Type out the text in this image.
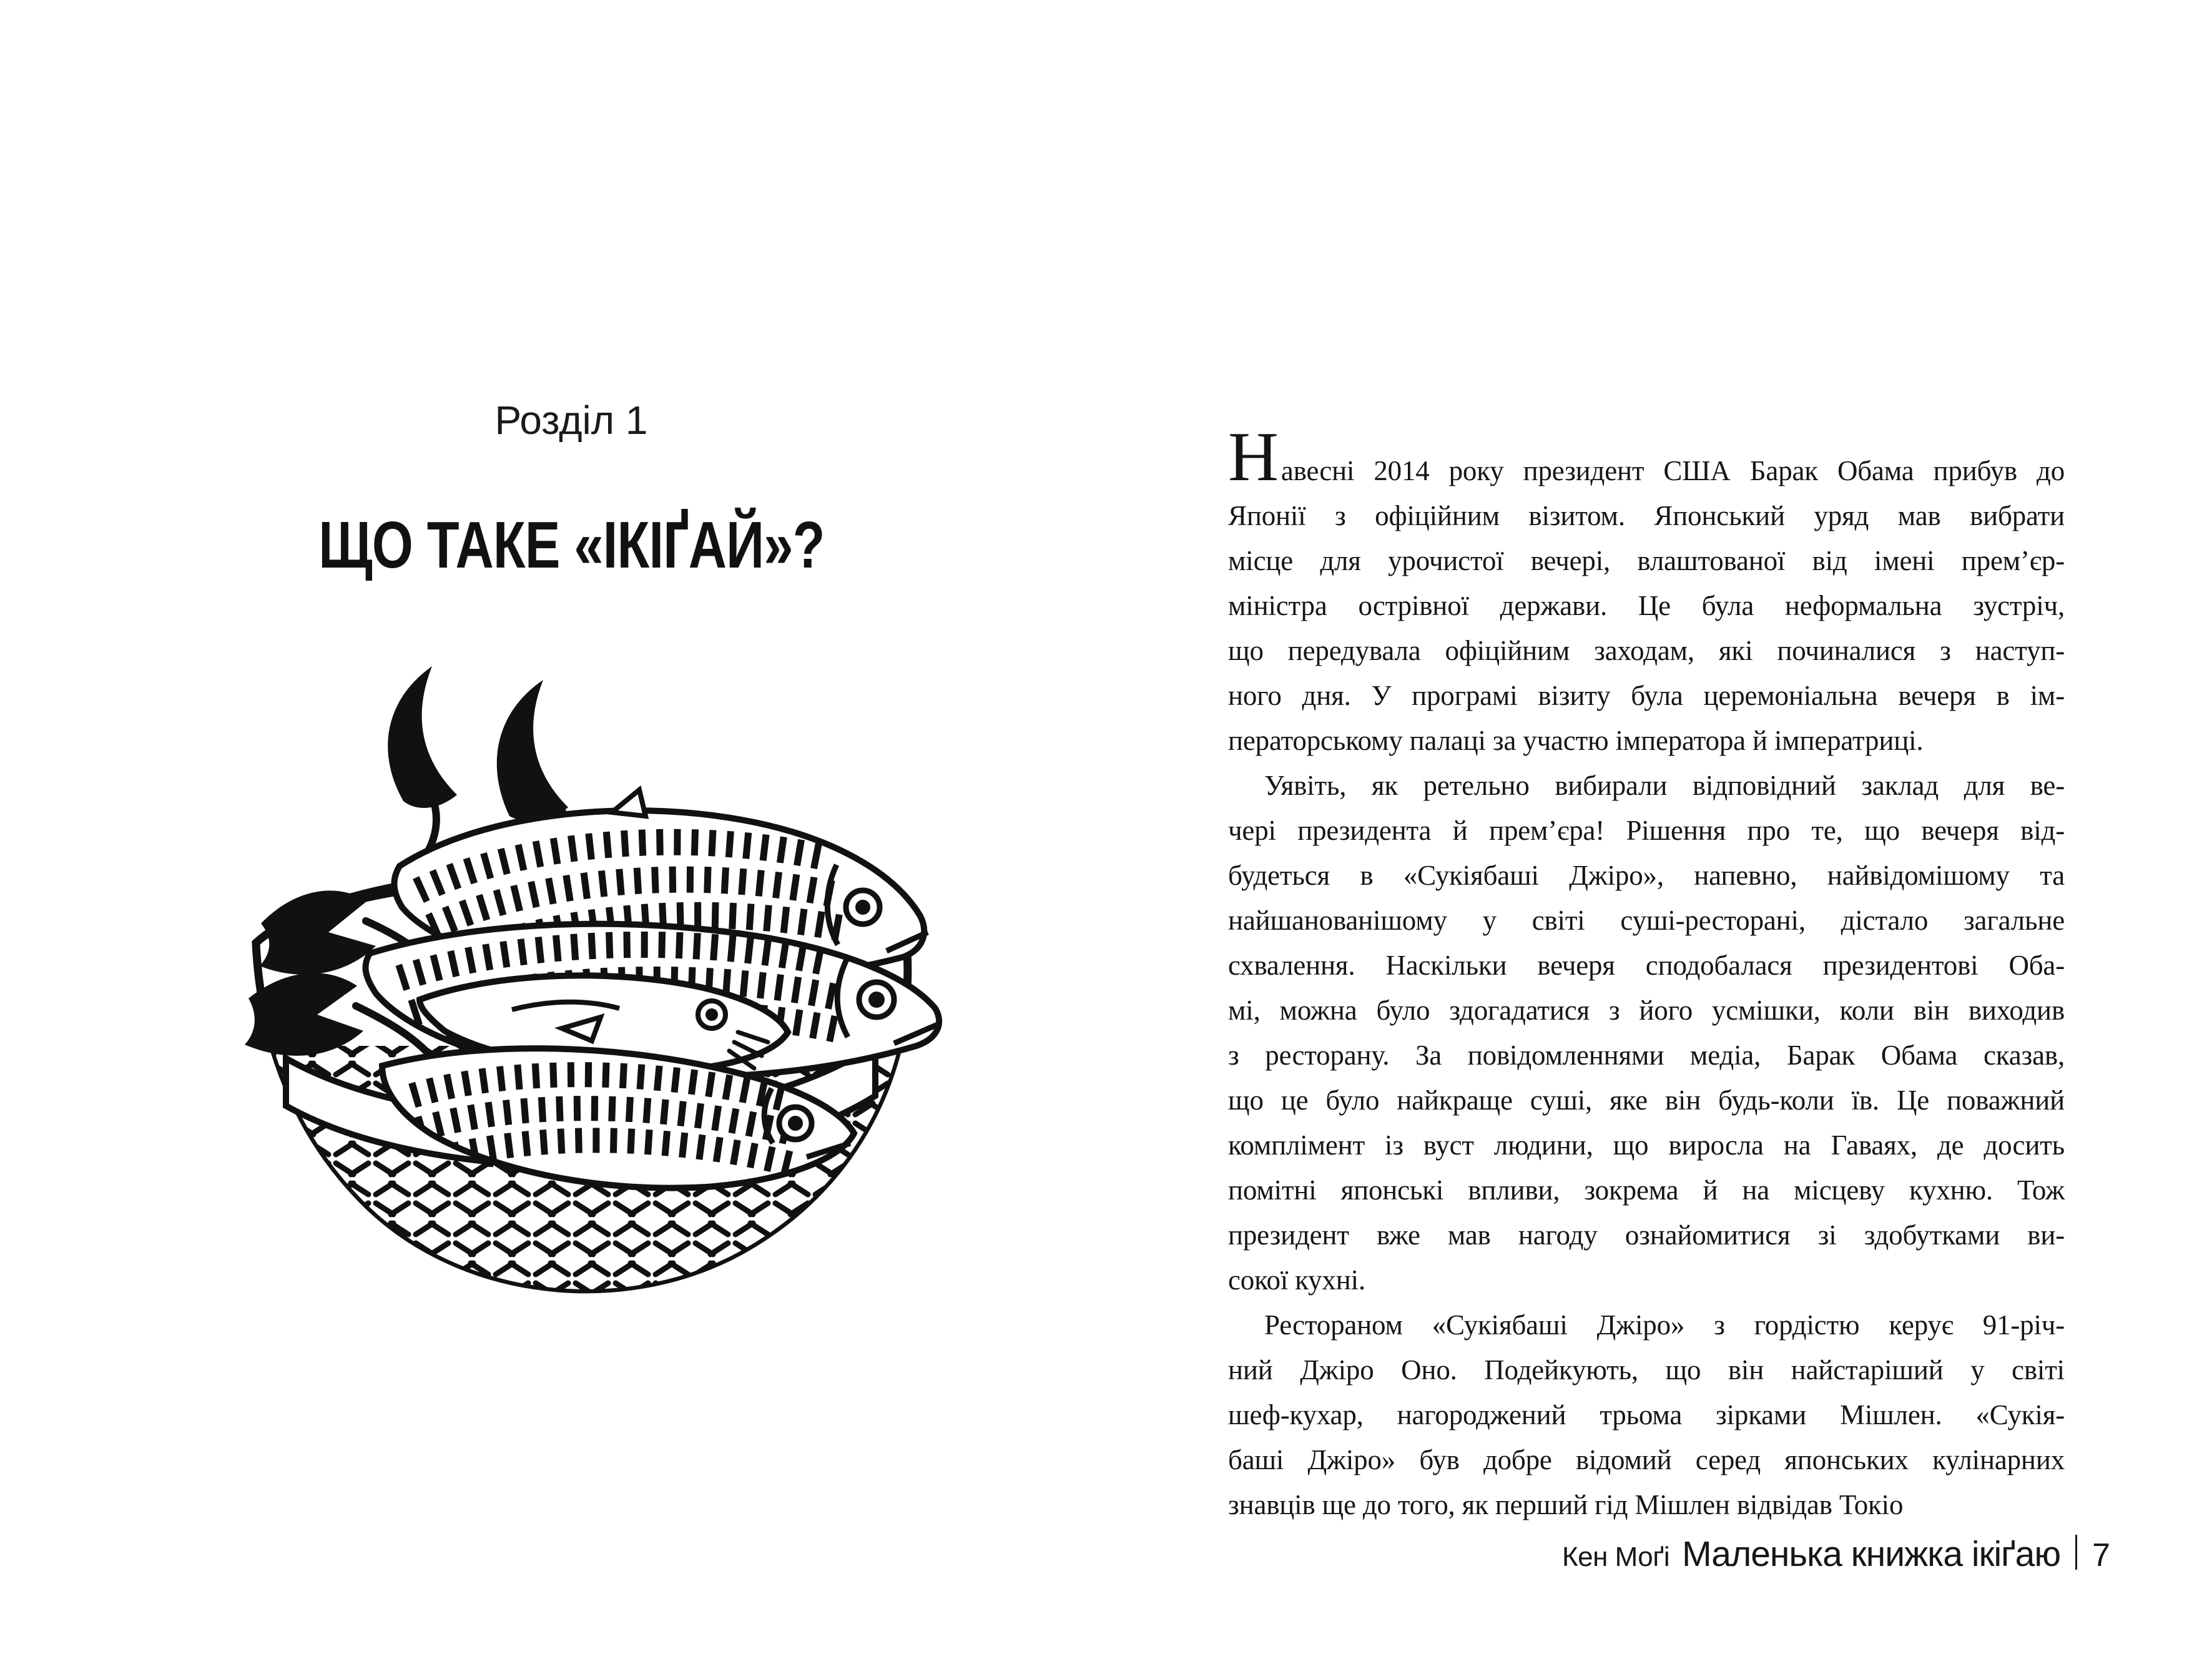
Розділ 1
ЩО ТАКЕ «ІКІҐАЙ»?
Навесні 2014 року президент США Барак Обама прибув до
Японії з офіційним візитом. Японський уряд мав вибрати
місце для урочистої вечері, влаштованої від імені прем’єр-
міністра острівної держави. Це була неформальна зустріч,
що передувала офіційним заходам, які починалися з наступ-
ного дня. У програмі візиту була церемоніальна вечеря в ім-
ператорському палаці за участю імператора й імператриці.
Уявіть, як ретельно вибирали відповідний заклад для ве-
чері президента й прем’єра! Рішення про те, що вечеря від-
будеться в «Сукіябаші Джіро», напевно, найвідомішому та
найшанованішому у світі суші-ресторані, дістало загальне
схвалення. Наскільки вечеря сподобалася президентові Оба-
мі, можна було здогадатися з його усмішки, коли він виходив
з ресторану. За повідомленнями медіа, Барак Обама сказав,
що це було найкраще суші, яке він будь-коли їв. Це поважний
комплімент із вуст людини, що виросла на Гаваях, де досить
помітні японські впливи, зокрема й на місцеву кухню. Тож
президент вже мав нагоду ознайомитися зі здобутками ви-
сокої кухні.
Рестораном «Сукіябаші Джіро» з гордістю керує 91-річ-
ний Джіро Оно. Подейкують, що він найстаріший у світі
шеф-кухар, нагороджений трьома зірками Мішлен. «Сукія-
баші Джіро» був добре відомий серед японських кулінарних
знавців ще до того, як перший гід Мішлен відвідав Токіо
Кен Моґі Маленька книжка ікіґаю 7
